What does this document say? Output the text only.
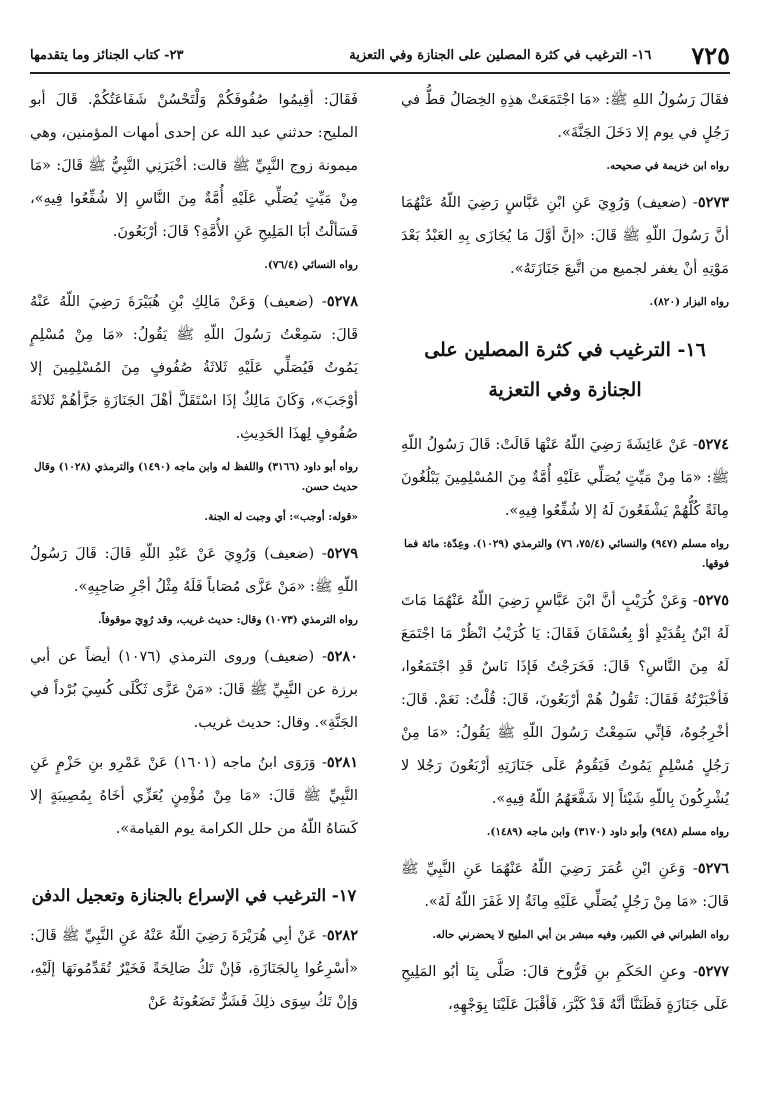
٧٢٥
١٦- الترغيب في كثرة المصلين على الجنازة وفي التعزية
٢٣- كتاب الجنائز وما يتقدمها

فقَالَ رَسُولُ اللهِ ﷺ: «مَا اجْتَمَعَتْ هذِهِ الخِصَالُ قطُّ في رَجُلٍ في يوم إلا دَخَلَ الجَنَّةَ».

رواه ابن خزيمة في صحيحه.

٥٢٧٣- (ضعيف) وَرُوِيَ عَنِ ابْنِ عَبَّاسٍ رَضِيَ اللّهُ عَنْهُمَا أنَّ رَسُولَ اللّهِ ﷺ قَالَ: «إنَّ أوَّلَ مَا يُجَازَى بِهِ العَبْدُ بَعْدَ مَوْتِهِ أنْ يغفر لجميع من اتَّبعَ جَنَازَتَهُ».

رواه البزار (٨٢٠).

١٦- الترغيب في كثرة المصلين على
الجنازة وفي التعزية

٥٢٧٤- عَنْ عَائِشَةَ رَضِيَ اللّهُ عَنْهَا قَالَتْ: قَالَ رَسُولُ اللّهِ ﷺ: «مَا مِنْ مَيِّتٍ يُصَلِّي عَلَيْهِ أُمَّةٌ مِنَ المُسْلِمِينَ يَبْلُغُونَ مِائَةً كُلُّهُمْ يَشْفَعُونَ لَهُ إلا شُفِّعُوا فِيهِ».

رواه مسلم (٩٤٧) والنسائي (٧٥/٤، ٧٦) والترمذي (١٠٢٩). وعِدّة: مائة فما فوقها.

٥٢٧٥- وَعَنْ كُرَيْبٍ أنَّ ابْنَ عَبَّاسٍ رَضِيَ اللّهُ عَنْهُمَا مَاتَ لَهُ ابْنٌ بِقُدَيْدٍ أوْ بِعُسْفَانَ فَقَالَ: يَا كُرَيْبُ انْظُرْ مَا اجْتَمَعَ لَهُ مِنَ النَّاسِ؟ قَالَ: فَخَرَجْتُ فَإذَا نَاسٌ قَدِ اجْتَمَعُوا، فَأخْبَرْتُهُ فَقَالَ: تَقُولُ هُمْ أرْبَعُونَ، قَالَ: قُلْتُ: نَعَمْ. قَالَ: أخْرِجُوهُ، فَإنِّي سَمِعْتُ رَسُولَ اللّهِ ﷺ يَقُولُ: «مَا مِنْ رَجُلٍ مُسْلِمٍ يَمُوتُ فَيَقُومُ عَلَى جَنَازَتِهِ أرْبَعُونَ رَجُلا لا يُشْرِكُونَ بِاللّهِ شَيْئاً إلا شَفَّعَهُمُ اللّهُ فِيهِ».

رواه مسلم (٩٤٨) وأبو داود (٣١٧٠) وابن ماجه (١٤٨٩).

٥٢٧٦- وَعَنِ ابْنِ عُمَرَ رَضِيَ اللّهُ عَنْهُمَا عَنِ النَّبِيِّ ﷺ قَالَ: «مَا مِنْ رَجُلٍ يُصَلِّي عَلَيْهِ مِائَةٌ إلا غَفَرَ اللّهُ لَهُ».

رواه الطبراني في الكبير، وفيه مبشر بن أبي المليح لا يحضرني حاله.

٥٢٧٧- وعنِ الحَكَمِ بنِ فَرُّوخ قالَ: صَلَّى بِنَا أبُو المَلِيحِ عَلَى جَنَازَةٍ فَظَنَنَّا أنَّهُ قَدْ كَبَّرَ، فَأقْبَلَ عَلَيْنَا بِوَجْهِهِ،

فَقَالَ: أقِيمُوا صُفُوفَكُمْ وَلْتَحْسُنْ شَفَاعَتُكُمْ. قَالَ أبو المليح: حدثني عبد الله عن إحدى أمهات المؤمنين، وهي ميمونة زوج النَّبِيِّ ﷺ قالت: أخْبَرَنِي النَّبِيُّ ﷺ قَالَ: «مَا مِنْ مَيِّتٍ يُصَلِّي عَلَيْهِ أُمَّةٌ مِنَ النَّاسِ إلا شُفِّعُوا فِيهِ»، فَسَألْتُ أبَا المَلِيحِ عَنِ الأُمَّةِ؟ قَالَ: أرْبَعُونَ.

رواه النسائي (٧٦/٤).

٥٢٧٨- (ضعيف) وَعَنْ مَالِكِ بْنِ هُبَيْرَةَ رَضِيَ اللّهُ عَنْهُ قَالَ: سَمِعْتُ رَسُولَ اللّهِ ﷺ يَقُولُ: «مَا مِنْ مُسْلِمٍ يَمُوتُ فَيُصَلِّي عَلَيْهِ ثَلاثَةُ صُفُوفٍ مِنَ المُسْلِمِينَ إلا أوْجَبَ»، وَكَانَ مَالِكٌ إذَا اسْتَقَلَّ أهْلَ الجَنَازَةِ جَزَّأهُمْ ثَلاثَةَ صُفُوفٍ لِهذَا الحَدِيثِ.

رواه أبو داود (٣١٦٦) واللفظ له وابن ماجه (١٤٩٠) والترمذي (١٠٢٨) وقال حديث حسن.

«قوله: أوجب»: أي وجبت له الجنة.

٥٢٧٩- (ضعيف) وَرُوِيَ عَنْ عَبْدِ اللّهِ قَالَ: قَالَ رَسُولُ اللّهِ ﷺ: «مَنْ عَزَّى مُصَاباً فَلَهُ مِثْلُ أجْرِ صَاحِبِهِ».

رواه الترمذي (١٠٧٣) وقال: حديث غريب، وقد رُوِيَ موقوفاً.

٥٢٨٠- (ضعيف) وروى الترمذي (١٠٧٦) أيضاً عن أبي برزة عن النَّبِيِّ ﷺ قَالَ: «مَنْ عَزَّى ثَكْلَى كُسِيَ بُرْداً في الجَنَّةِ». وقال: حديث غريب.

٥٢٨١- وَرَوَى ابنُ ماجه (١٦٠١) عَنْ عَمْرِو بنِ حَزْمٍ عَنِ النَّبِيِّ ﷺ قَالَ: «مَا مِنْ مُؤْمِنٍ يُعَزِّي أخَاهُ بِمُصِيبَةٍ إلا كَسَاهُ اللّهُ من حلل الكرامة يوم القيامة».

١٧- الترغيب في الإسراع بالجنازة وتعجيل الدفن

٥٢٨٢- عَنْ أبِي هُرَيْرَةَ رَضِيَ اللّهُ عَنْهُ عَنِ النَّبِيِّ ﷺ قَالَ: «أسْرِعُوا بِالجَنَازَةِ، فَإنْ تَكُ صَالِحَةً فَخَيْرٌ تُقَدِّمُونَهَا إلَيْهِ، وَإنْ تَكُ سِوَى ذلِكَ فَشَرٌّ تَضَعُونَهُ عَنْ
